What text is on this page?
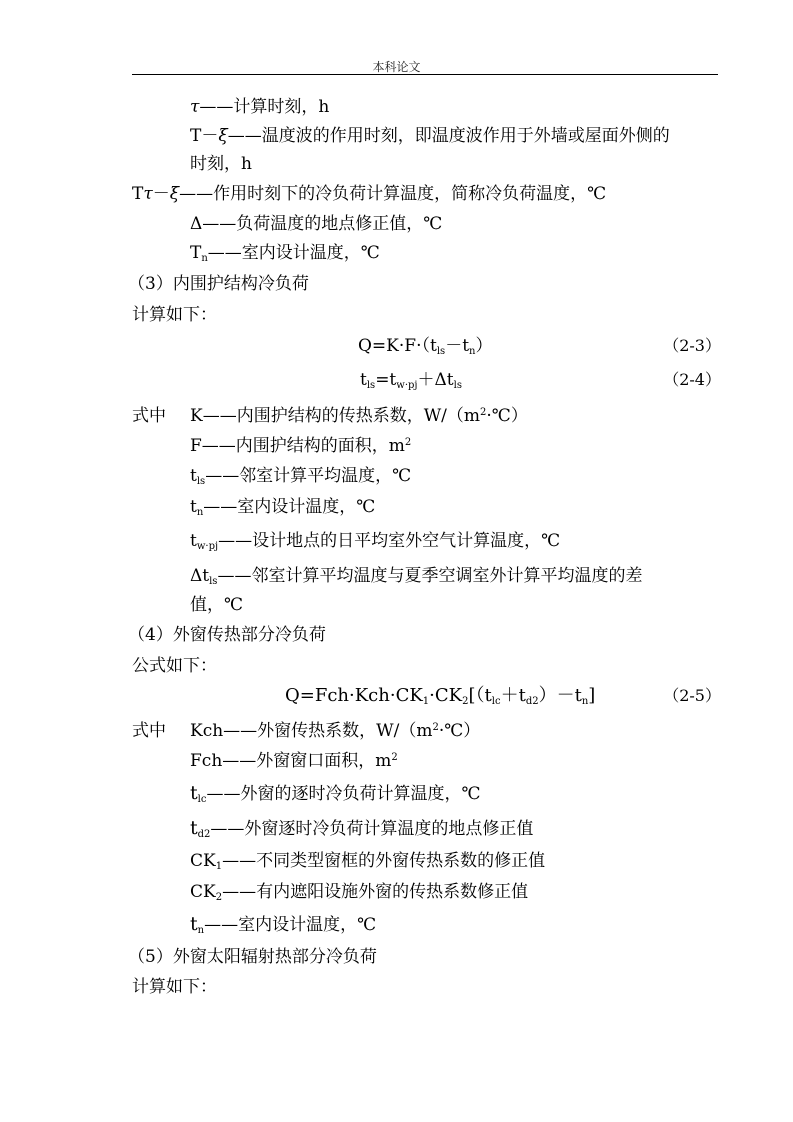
本科论文
τ——计算时刻，h
T－ξ——温度波的作用时刻，即温度波作用于外墙或屋面外侧的
时刻，h
Tτ－ξ——作用时刻下的冷负荷计算温度，简称冷负荷温度，℃
Δ——负荷温度的地点修正值，℃
$T_n——$室内设计温度，℃
（3）内围护结构冷负荷
计算如下：
$Q=K\cdot F\cdot(t_{ls}-t_n)$	（2-3）
$t_{ls}=t_{w\cdot pj}+\Delta t_{ls}$	（2-4）
式中 K——内围护结构的传热系数，$W/(m^2\cdot℃)$
F——内围护结构的面积，$m^2$
$t_{ls}——$邻室计算平均温度，℃
$t_n——$室内设计温度，℃
$t_{w\cdot pj}——$设计地点的日平均室外空气计算温度，℃
$\Delta t_{ls}——$邻室计算平均温度与夏季空调室外计算平均温度的差
值，℃
（4）外窗传热部分冷负荷
公式如下：
$Q=Fch\cdot Kch\cdot CK_1\cdot CK_2[(t_{lc}+t_{d2})-t_n]$	（2-5）
式中 Kch——外窗传热系数，$W/(m^2\cdot℃)$
Fch——外窗窗口面积，$m^2$
$t_{lc}——$外窗的逐时冷负荷计算温度，℃
$t_{d2}——$外窗逐时冷负荷计算温度的地点修正值
$CK_1——$不同类型窗框的外窗传热系数的修正值
$CK_2——$有内遮阳设施外窗的传热系数修正值
$t_n——$室内设计温度，℃
（5）外窗太阳辐射热部分冷负荷
计算如下：
